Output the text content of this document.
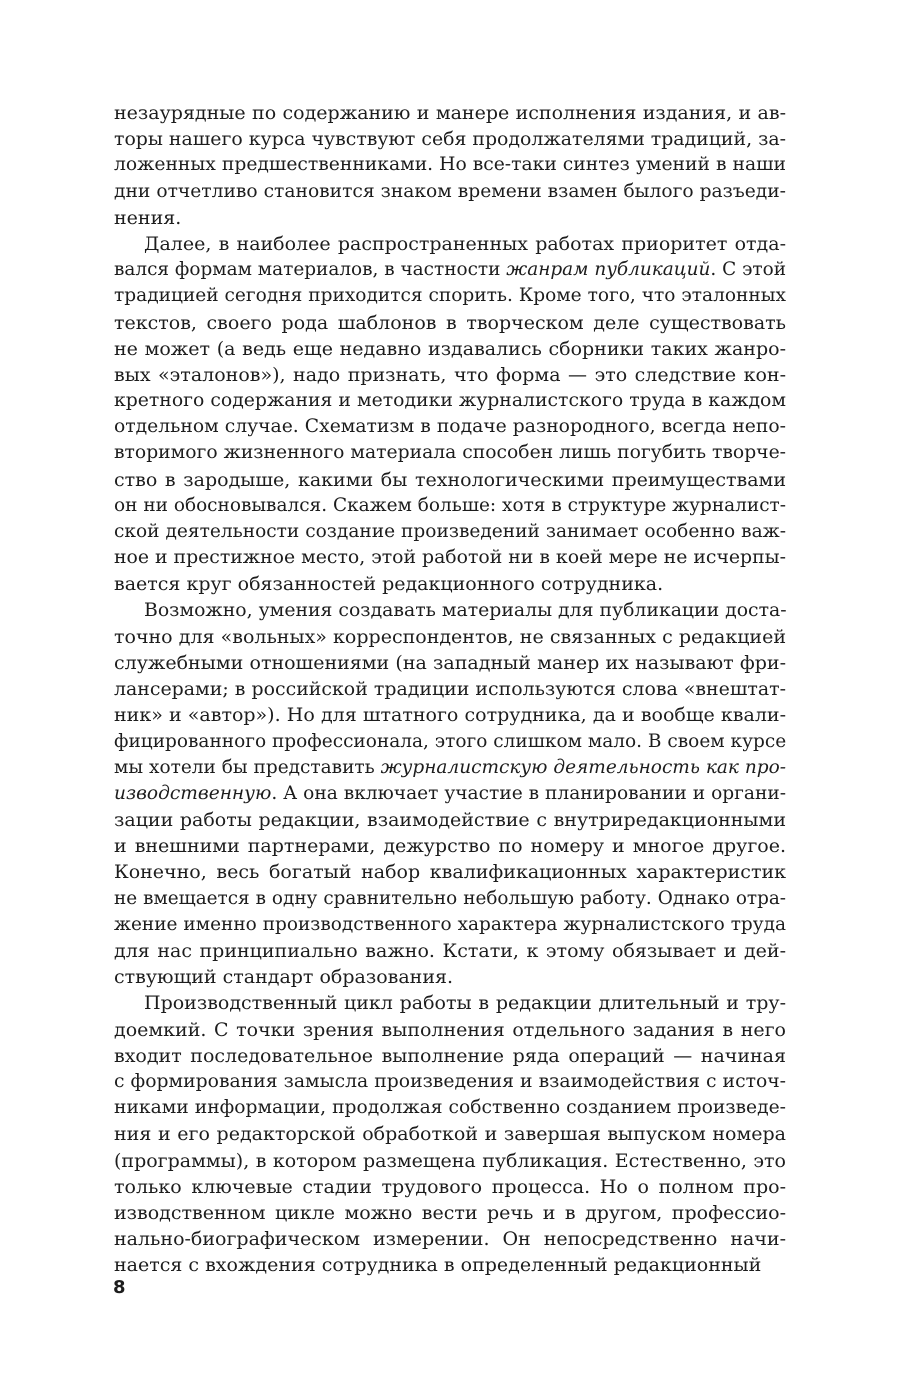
незаурядные по содержанию и манере исполнения издания, и ав-
торы нашего курса чувствуют себя продолжателями традиций, за-
ложенных предшественниками. Но все-таки синтез умений в наши
дни отчетливо становится знаком времени взамен былого разъеди-
нения.
Далее, в наиболее распространенных работах приоритет отда-
вался формам материалов, в частности жанрам публикаций. С этой
традицией сегодня приходится спорить. Кроме того, что эталонных
текстов, своего рода шаблонов в творческом деле существовать
не может (а ведь еще недавно издавались сборники таких жанро-
вых «эталонов»), надо признать, что форма — это следствие кон-
кретного содержания и методики журналистского труда в каждом
отдельном случае. Схематизм в подаче разнородного, всегда непо-
вторимого жизненного материала способен лишь погубить творче-
ство в зародыше, какими бы технологическими преимуществами
он ни обосновывался. Скажем больше: хотя в структуре журналист-
ской деятельности создание произведений занимает особенно важ-
ное и престижное место, этой работой ни в коей мере не исчерпы-
вается круг обязанностей редакционного сотрудника.
Возможно, умения создавать материалы для публикации доста-
точно для «вольных» корреспондентов, не связанных с редакцией
служебными отношениями (на западный манер их называют фри-
лансерами; в российской традиции используются слова «внештат-
ник» и «автор»). Но для штатного сотрудника, да и вообще квали-
фицированного профессионала, этого слишком мало. В своем курсе
мы хотели бы представить журналистскую деятельность как про-
изводственную. А она включает участие в планировании и органи-
зации работы редакции, взаимодействие с внутриредакционными
и внешними партнерами, дежурство по номеру и многое другое.
Конечно, весь богатый набор квалификационных характеристик
не вмещается в одну сравнительно небольшую работу. Однако отра-
жение именно производственного характера журналистского труда
для нас принципиально важно. Кстати, к этому обязывает и дей-
ствующий стандарт образования.
Производственный цикл работы в редакции длительный и тру-
доемкий. С точки зрения выполнения отдельного задания в него
входит последовательное выполнение ряда операций — начиная
с формирования замысла произведения и взаимодействия с источ-
никами информации, продолжая собственно созданием произведе-
ния и его редакторской обработкой и завершая выпуском номера
(программы), в котором размещена публикация. Естественно, это
только ключевые стадии трудового процесса. Но о полном про-
изводственном цикле можно вести речь и в другом, профессио-
нально-биографическом измерении. Он непосредственно начи-
нается с вхождения сотрудника в определенный редакционный
8
